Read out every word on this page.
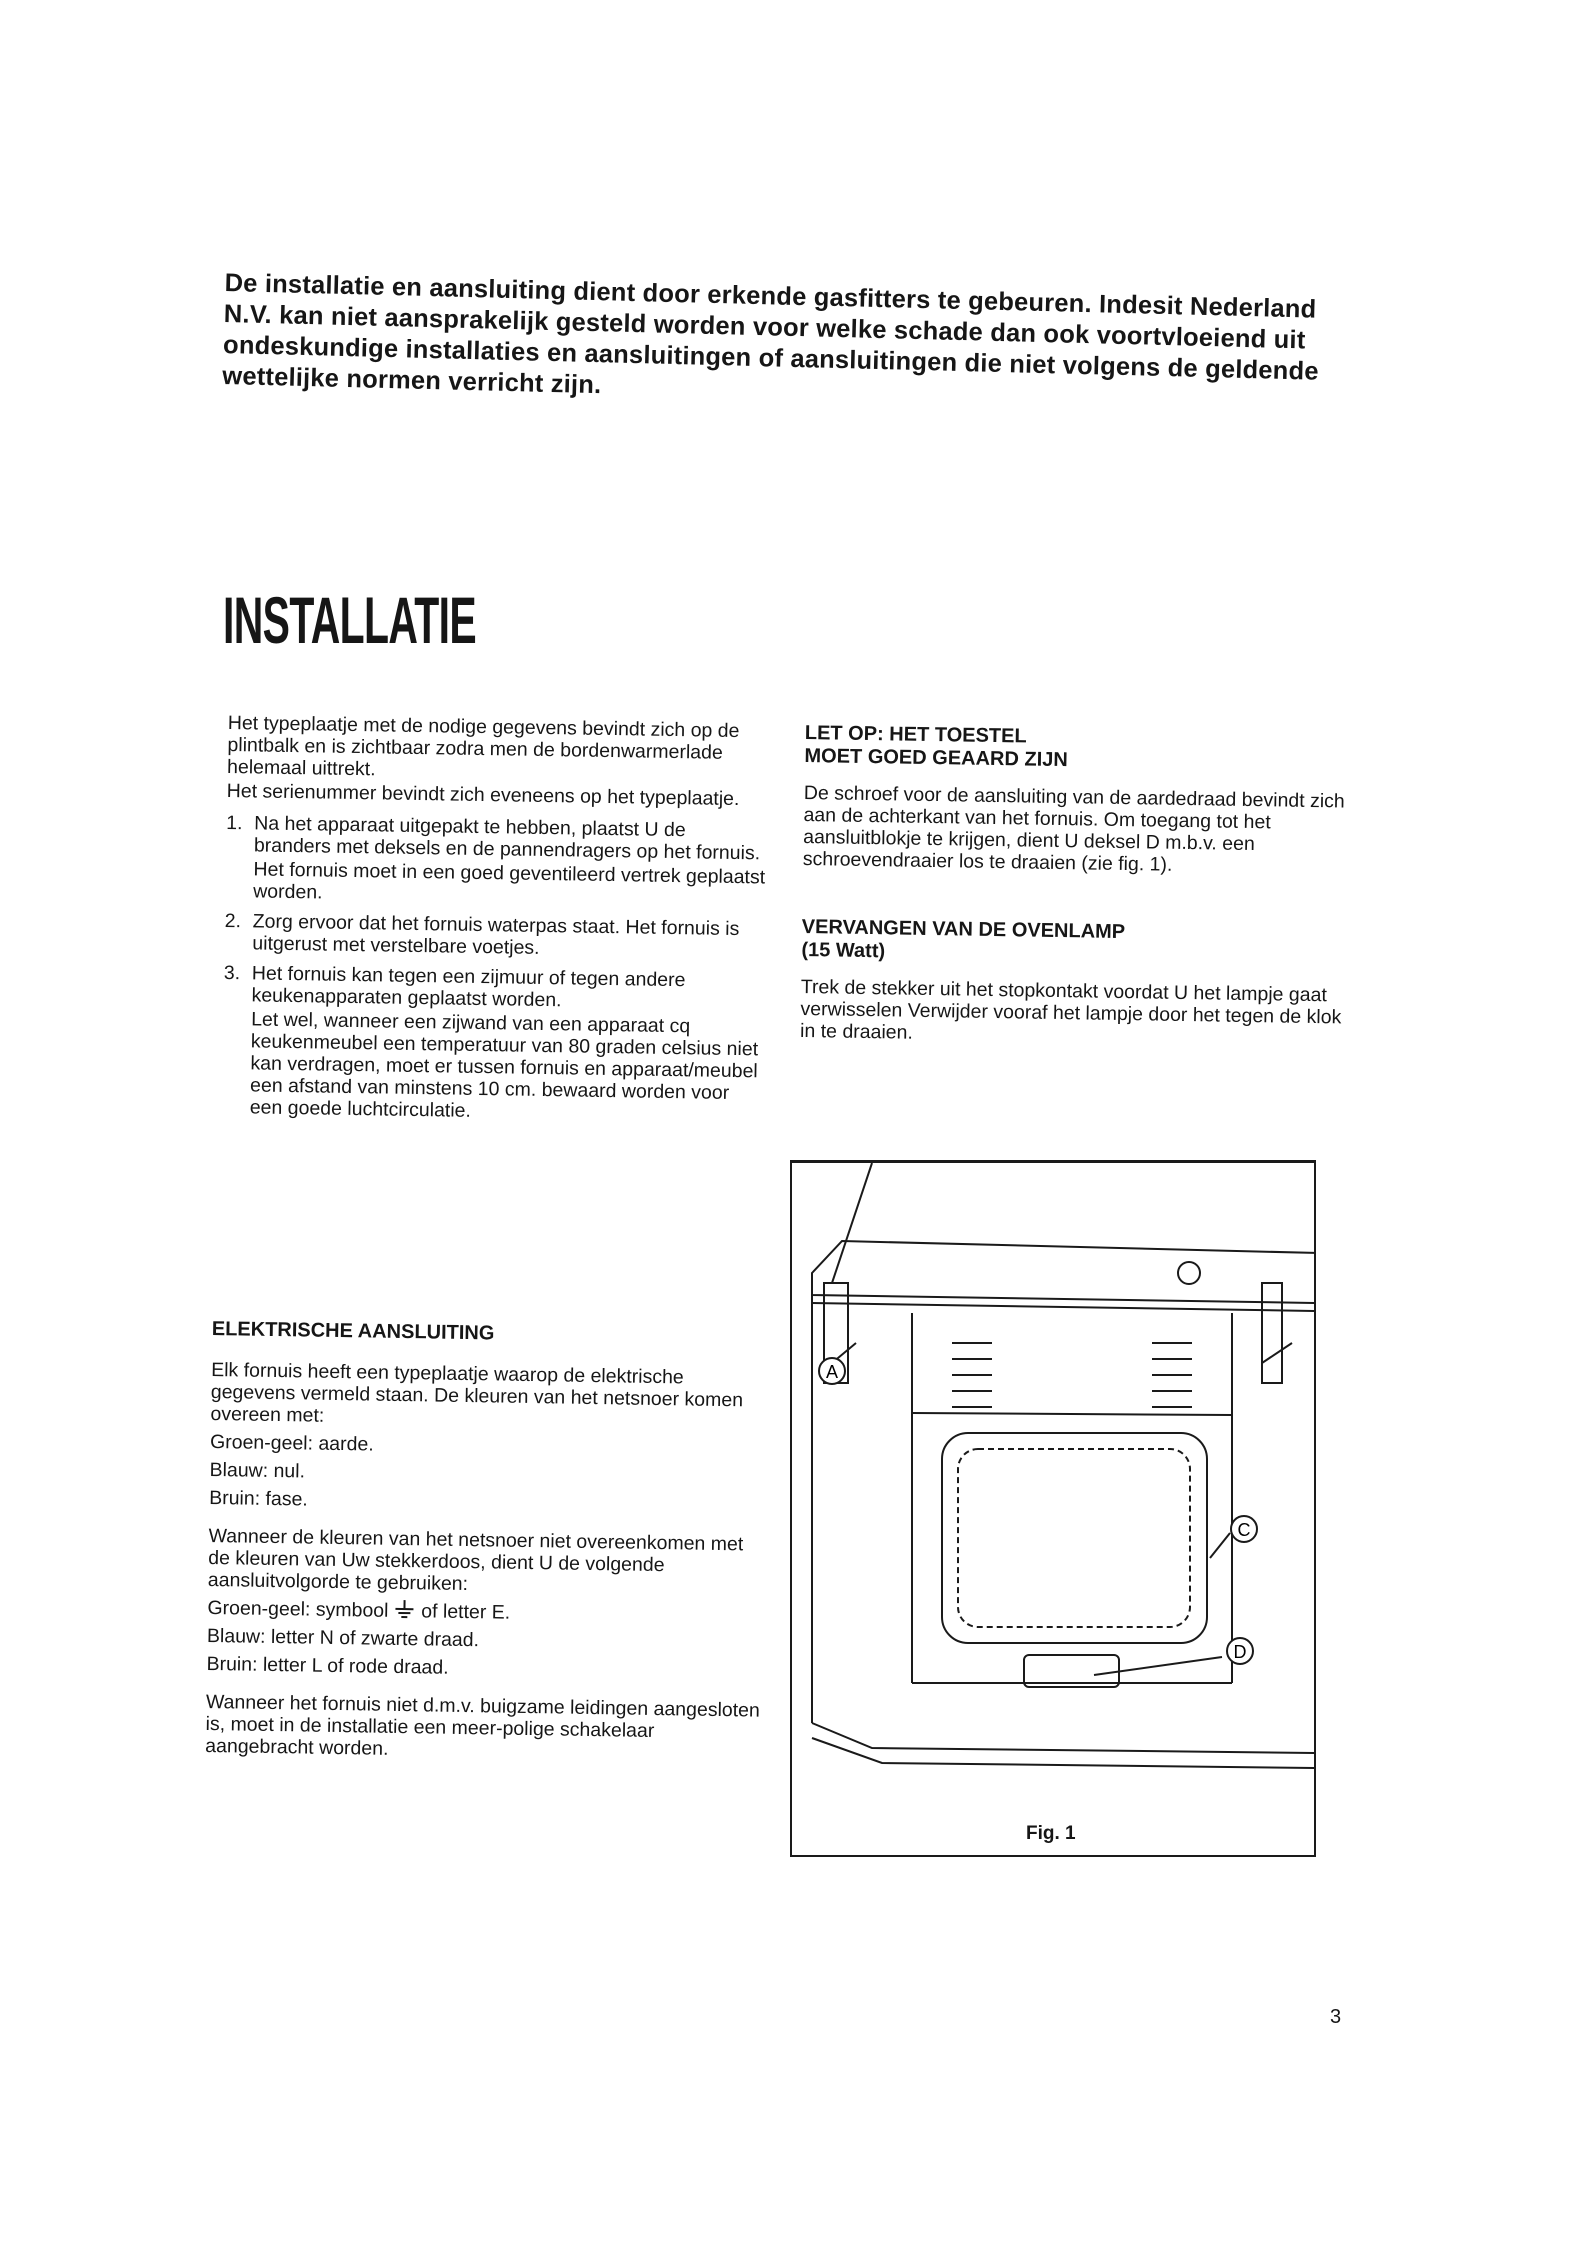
De installatie en aansluiting dient door erkende gasfitters te gebeuren. Indesit Nederland N.V. kan niet aansprakelijk gesteld worden voor welke schade dan ook voortvloeiend uit ondeskundige installaties en aansluitingen of aansluitingen die niet volgens de geldende wettelijke normen verricht zijn.
INSTALLATIE

Het typeplaatje met de nodige gegevens bevindt zich op de plintbalk en is zichtbaar zodra men de bordenwarmerlade helemaal uittrekt.

Het serienummer bevindt zich eveneens op het typeplaatje.

1. Na het apparaat uitgepakt te hebben, plaatst U de branders met deksels en de pannendragers op het fornuis.
Het fornuis moet in een goed geventileerd vertrek geplaatst worden.
2. Zorg ervoor dat het fornuis waterpas staat. Het fornuis is uitgerust met verstelbare voetjes.
3. Het fornuis kan tegen een zijmuur of tegen andere keukenapparaten geplaatst worden.
Let wel, wanneer een zijwand van een apparaat cq keukenmeubel een temperatuur van 80 graden celsius niet kan verdragen, moet er tussen fornuis en apparaat/meubel een afstand van minstens 10 cm. bewaard worden voor een goede luchtcirculatie.
LET OP: HET TOESTEL
MOET GOED GEAARD ZIJN

De schroef voor de aansluiting van de aardedraad bevindt zich aan de achterkant van het fornuis. Om toegang tot het aansluitblokje te krijgen, dient U deksel D m.b.v. een schroevendraaier los te draaien (zie fig. 1).

VERVANGEN VAN DE OVENLAMP
(15 Watt)

Trek de stekker uit het stopkontakt voordat U het lampje gaat verwisselen Verwijder vooraf het lampje door het tegen de klok in te draaien.

ELEKTRISCHE AANSLUITING

Elk fornuis heeft een typeplaatje waarop de elektrische gegevens vermeld staan. De kleuren van het netsnoer komen overeen met:

Groen-geel: aarde.

Blauw: nul.

Bruin: fase.

Wanneer de kleuren van het netsnoer niet overeenkomen met de kleuren van Uw stekkerdoos, dient U de volgende aansluitvolgorde te gebruiken:

Groen-geel: symbool of letter E.

Blauw: letter N of zwarte draad.

Bruin: letter L of rode draad.

Wanneer het fornuis niet d.m.v. buigzame leidingen aangesloten is, moet in de installatie een meer-polige schakelaar aangebracht worden.

A
C
D
Fig. 1
3
